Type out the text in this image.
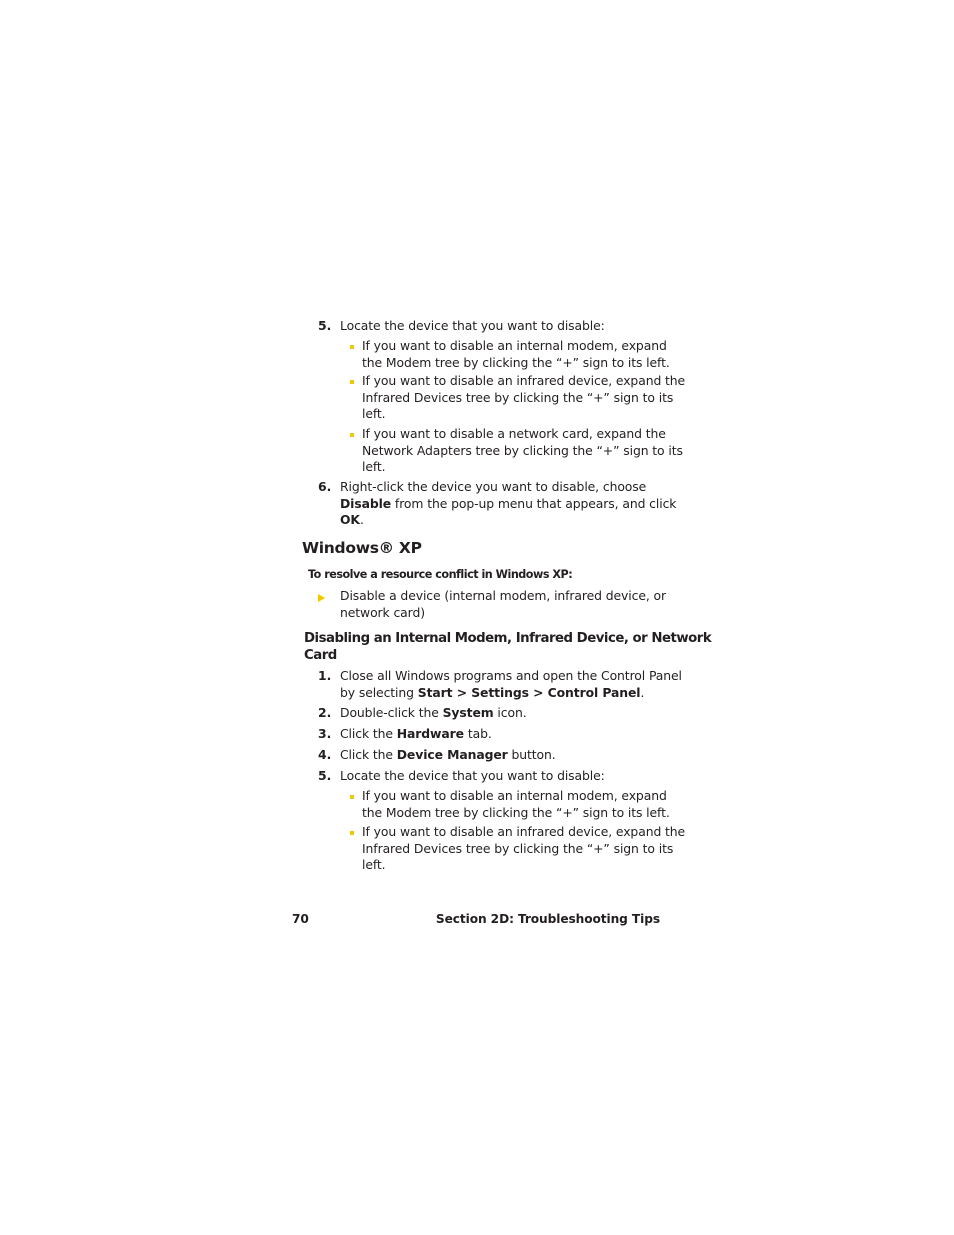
5. Locate the device that you want to disable:
If you want to disable an internal modem, expand
the Modem tree by clicking the “+” sign to its left.
If you want to disable an infrared device, expand the
Infrared Devices tree by clicking the “+” sign to its
left.
If you want to disable a network card, expand the
Network Adapters tree by clicking the “+” sign to its
left.
6. Right-click the device you want to disable, choose
Disable from the pop-up menu that appears, and click
OK.
Windows® XP
To resolve a resource conflict in Windows XP:
Disable a device (internal modem, infrared device, or
network card)
Disabling an Internal Modem, Infrared Device, or Network
Card
1. Close all Windows programs and open the Control Panel
by selecting Start > Settings > Control Panel.
2. Double-click the System icon.
3. Click the Hardware tab.
4. Click the Device Manager button.
5. Locate the device that you want to disable:
If you want to disable an internal modem, expand
the Modem tree by clicking the “+” sign to its left.
If you want to disable an infrared device, expand the
Infrared Devices tree by clicking the “+” sign to its
left.
70	Section 2D: Troubleshooting Tips
